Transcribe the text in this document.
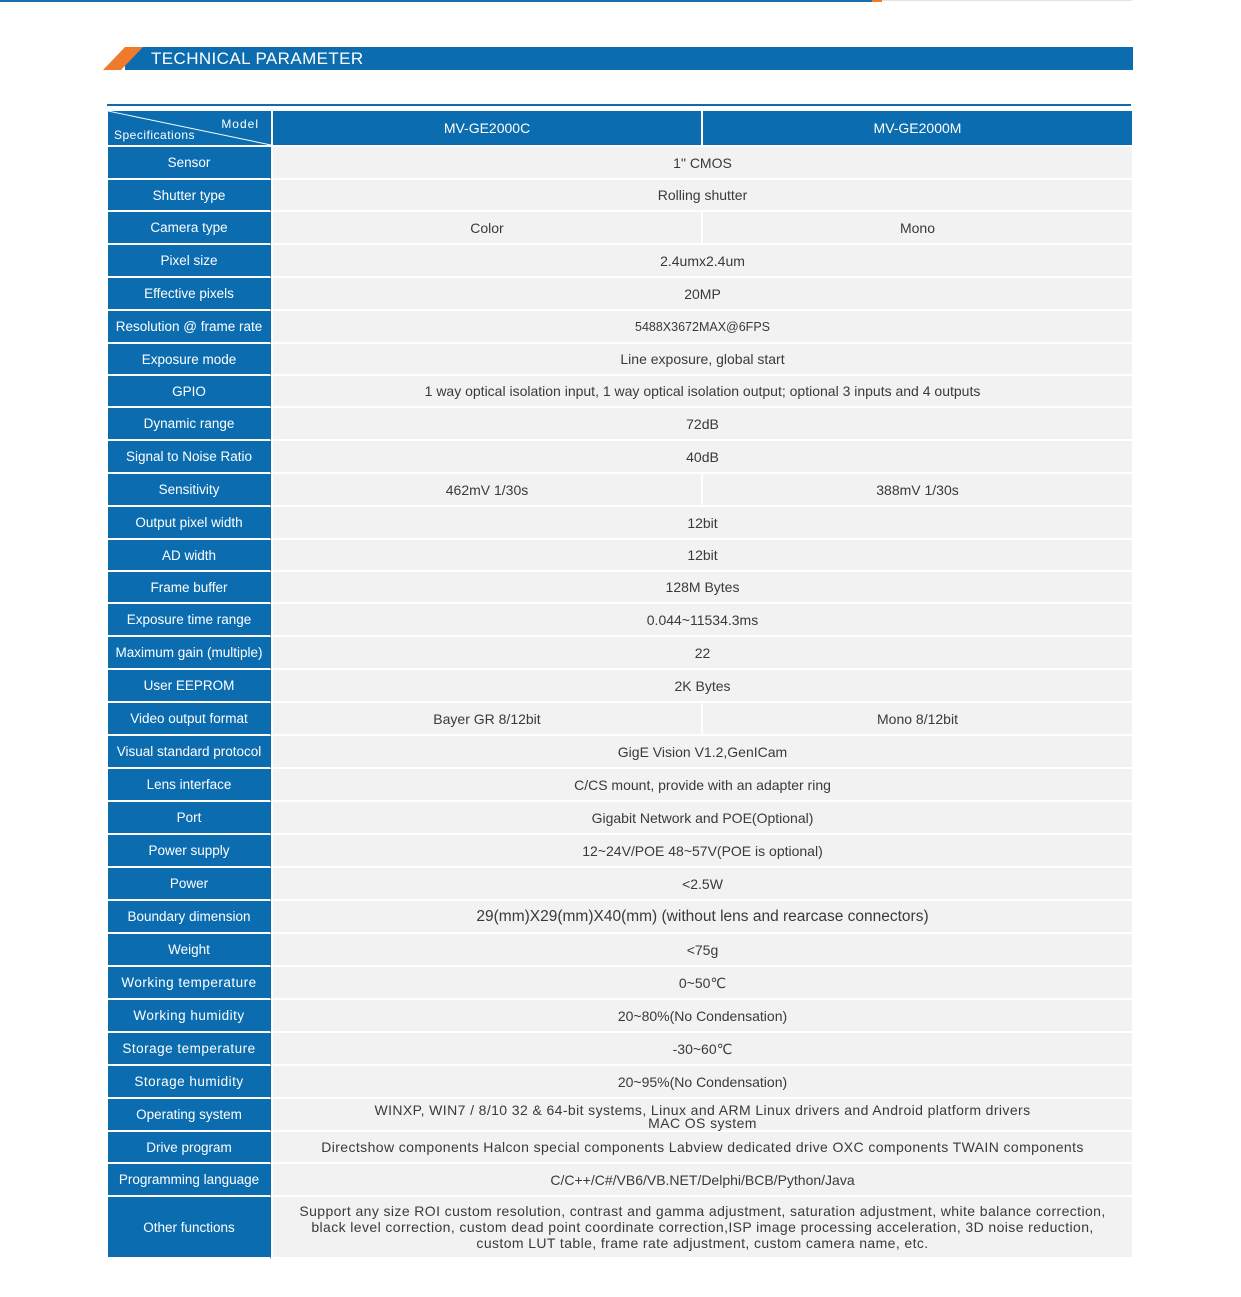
TECHNICAL PARAMETER
Model
Specifications		MV-GE2000C	MV-GE2000M
Sensor		1" CMOS	
Shutter type		Rolling shutter	
Camera type		Color	Mono
Pixel size		2.4umx2.4um	
Effective pixels		20MP	
Resolution @ frame rate		5488X3672MAX@6FPS	
Exposure mode		Line exposure, global start	
GPIO		1 way optical isolation input, 1 way optical isolation output; optional 3 inputs and 4 outputs	
Dynamic range		72dB	
Signal to Noise Ratio		40dB	
Sensitivity		462mV 1/30s	388mV 1/30s
Output pixel width		12bit	
AD width		12bit	
Frame buffer		128M Bytes	
Exposure time range		0.044~11534.3ms	
Maximum gain (multiple)		22	
User EEPROM		2K Bytes	
Video output format		Bayer GR 8/12bit	Mono 8/12bit
Visual standard protocol		GigE Vision V1.2,GenICam	
Lens interface		C/CS mount, provide with an adapter ring	
Port		Gigabit Network and POE(Optional)	
Power supply		12~24V/POE 48~57V(POE is optional)	
Power		<2.5W	
Boundary dimension		29(mm)X29(mm)X40(mm) (without lens and rearcase connectors)	
Weight		<75g	
Working temperature		0~50℃	
Working humidity		20~80%(No Condensation)	
Storage temperature		-30~60℃	
Storage humidity		20~95%(No Condensation)	
Operating system		WINXP, WIN7 / 8/10 32 & 64-bit systems, Linux and ARM Linux drivers and Android platform drivers
MAC OS system	

Drive program		Directshow components Halcon special components Labview dedicated drive OXC components TWAIN components	
Programming language		C/C++/C#/VB6/VB.NET/Delphi/BCB/Python/Java	
Other functions		Support any size ROI custom resolution, contrast and gamma adjustment, saturation adjustment, white balance correction,
black level correction, custom dead point coordinate correction,ISP image processing acceleration, 3D noise reduction,
custom LUT table, frame rate adjustment, custom camera name, etc.	
